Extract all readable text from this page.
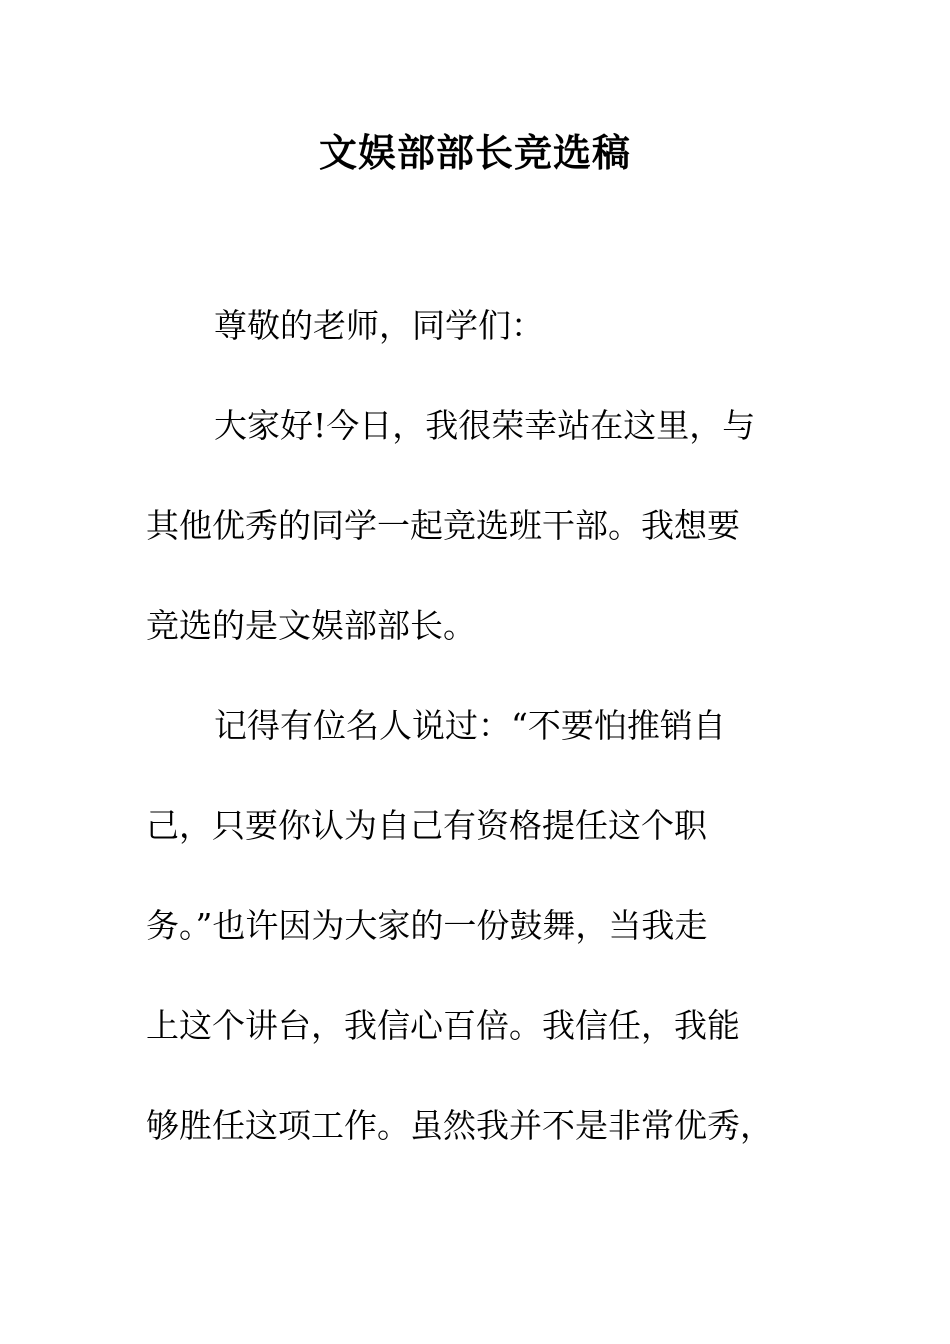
文娱部部长竞选稿
尊敬的老师，同学们：
大家好!今日，我很荣幸站在这里，与
其他优秀的同学一起竞选班干部。我想要
竞选的是文娱部部长。
记得有位名人说过：“不要怕推销自
己，只要你认为自己有资格提任这个职
务。”也许因为大家的一份鼓舞，当我走
上这个讲台，我信心百倍。我信任，我能
够胜任这项工作。虽然我并不是非常优秀，
